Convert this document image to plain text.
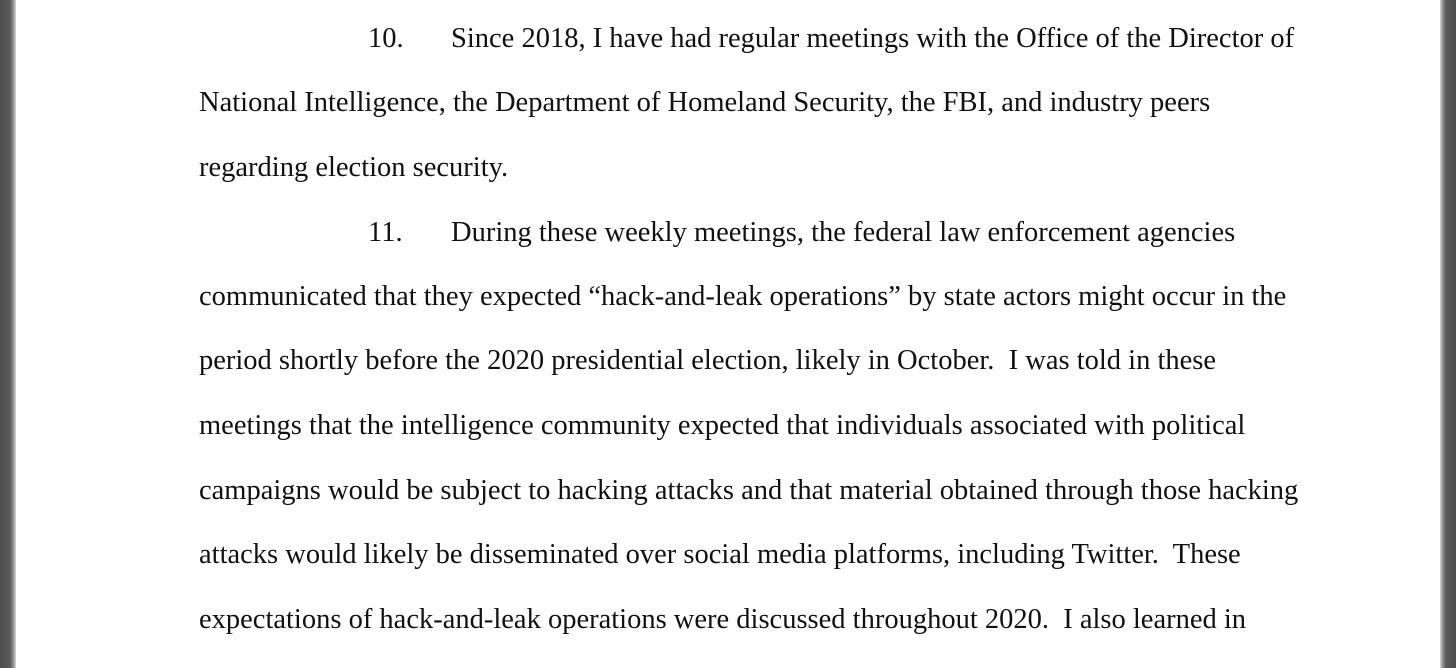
10. Since 2018, I have had regular meetings with the Office of the Director of

National Intelligence, the Department of Homeland Security, the FBI, and industry peers

regarding election security.

11. During these weekly meetings, the federal law enforcement agencies

communicated that they expected “hack-and-leak operations” by state actors might occur in the

period shortly before the 2020 presidential election, likely in October.  I was told in these

meetings that the intelligence community expected that individuals associated with political

campaigns would be subject to hacking attacks and that material obtained through those hacking

attacks would likely be disseminated over social media platforms, including Twitter.  These

expectations of hack-and-leak operations were discussed throughout 2020.  I also learned in
